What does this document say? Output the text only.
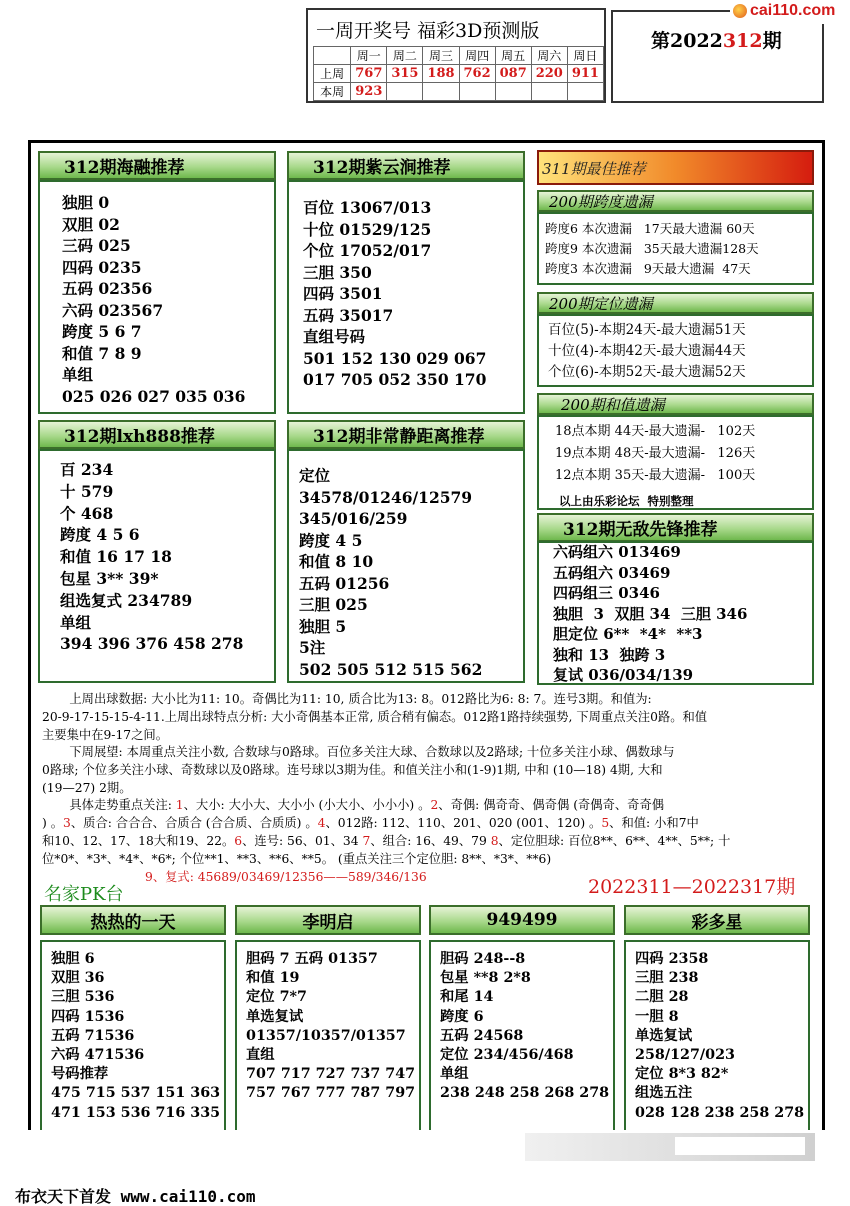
一周开奖号 福彩3D预测版
	周一	周二	周三	周四	周五	周六	周日
上周	767	315	188	762	087	220	911
本周	923						
第2022312期
cai110.com
312期海融推荐
独胆 0
双胆 02
三码 025
四码 0235
五码 02356
六码 023567
跨度 5 6 7
和值 7 8 9
单组
025 026 027 035 036
312期紫云涧推荐
百位 13067/013
十位 01529/125
个位 17052/017
三胆 350
四码 3501
五码 35017
直组号码
501 152 130 029 067
017 705 052 350 170
312期lxh888推荐
百 234
十 579
个 468
跨度 4 5 6
和值 16 17 18
包星 3** 39*
组选复式 234789
单组
394 396 376 458 278
312期非常静距离推荐
定位
34578/01246/12579
345/016/259
跨度 4 5
和值 8 10
五码 01256
三胆 025
独胆 5
5注
502 505 512 515 562
311期最佳推荐
200期跨度遗漏
跨度6 本次遗漏   17天最大遗漏 60天
跨度9 本次遗漏   35天最大遗漏128天
跨度3 本次遗漏   9天最大遗漏  47天
200期定位遗漏
百位(5)-本期24天-最大遗漏51天
十位(4)-本期42天-最大遗漏44天
个位(6)-本期52天-最大遗漏52天
200期和值遗漏
18点本期 44天-最大遗漏-   102天
19点本期 48天-最大遗漏-   126天
12点本期 35天-最大遗漏-   100天
以上由乐彩论坛  特别整理
312期无敌先锋推荐
六码组六 013469
五码组六 03469
四码组三 0346
独胆  3  双胆 34  三胆 346
胆定位 6**  *4*  **3
独和 13  独跨 3
复试 036/034/139
上周出球数据: 大小比为11: 10。奇偶比为11: 10, 质合比为13: 8。012路比为6: 8: 7。连号3期。和值为:
20-9-17-15-15-4-11.上周出球特点分析: 大小奇偶基本正常, 质合稍有偏态。012路1路持续强势, 下周重点关注0路。和值
主要集中在9-17之间。
下周展望: 本周重点关注小数, 合数球与0路球。百位多关注大球、合数球以及2路球; 十位多关注小球、偶数球与
0路球; 个位多关注小球、奇数球以及0路球。连号球以3期为佳。和值关注小和(1-9)1期, 中和 (10—18) 4期, 大和
(19—27) 2期。
具体走势重点关注: 1、大小: 大小大、大小小 (小大小、小小小) 。2、奇偶: 偶奇奇、偶奇偶 (奇偶奇、奇奇偶
) 。3、质合: 合合合、合质合 (合合质、合质质) 。4、012路: 112、110、201、020 (001、120) 。5、和值: 小和7中
和10、12、17、18大和19、22。6、连号: 56、01、34 7、组合: 16、49、79 8、定位胆球: 百位8**、6**、4**、5**; 十
位*0*、*3*、*4*、*6*; 个位**1、**3、**6、**5。 (重点关注三个定位胆: 8**、*3*、**6)
9、复式: 45689/03469/12356——589/346/136
名家PK台	2022311—2022317期
热热的一天
独胆 6
双胆 36
三胆 536
四码 1536
五码 71536
六码 471536
号码推荐
475 715 537 151 363
471 153 536 716 335
李明启
胆码 7 五码 01357
和值 19
定位 7*7
单选复试
01357/10357/01357
直组
707 717 727 737 747
757 767 777 787 797
949499
胆码 248--8
包星 **8 2*8
和尾 14
跨度 6
五码 24568
定位 234/456/468
单组
238 248 258 268 278
彩多星
四码 2358
三胆 238
二胆 28
一胆 8
单选复试
258/127/023
定位 8*3 82*
组选五注
028 128 238 258 278
布衣天下首发 www.cai110.com
